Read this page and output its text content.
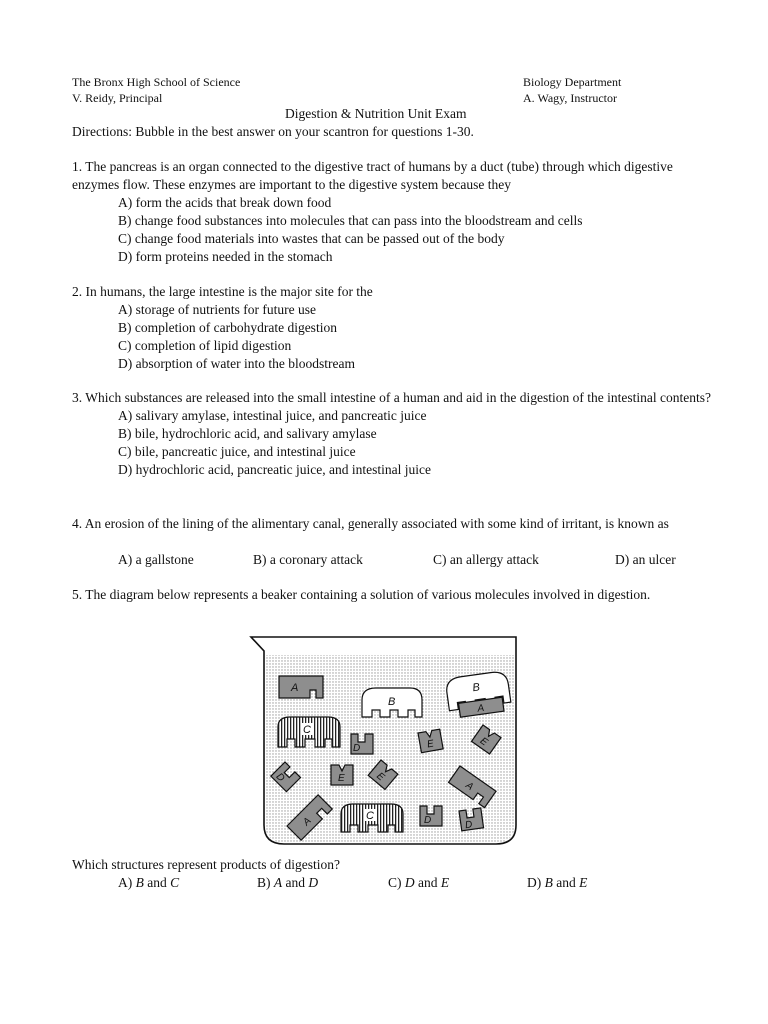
The Bronx High School of Science
V. Reidy, Principal
Biology Department
A. Wagy, Instructor
Digestion & Nutrition Unit Exam
Directions: Bubble in the best answer on your scantron for questions 1-30.
1. The pancreas is an organ connected to the digestive tract of humans by a duct (tube) through which digestive enzymes flow. These enzymes are important to the digestive system because they
A) form the acids that break down food
B) change food substances into molecules that can pass into the bloodstream and cells
C) change food materials into wastes that can be passed out of the body
D) form proteins needed in the stomach
2. In humans, the large intestine is the major site for the
A) storage of nutrients for future use
B) completion of carbohydrate digestion
C) completion of lipid digestion
D) absorption of water into the bloodstream
3. Which substances are released into the small intestine of a human and aid in the digestion of the intestinal contents?
A) salivary amylase, intestinal juice, and pancreatic juice
B) bile, hydrochloric acid, and salivary amylase
C) bile, pancreatic juice, and intestinal juice
D) hydrochloric acid, pancreatic juice, and intestinal juice
4. An erosion of the lining of the alimentary canal, generally associated with some kind of irritant, is known as
A) a gallstone	B) a coronary attack	C) an allergy attack	D) an ulcer
5. The diagram below represents a beaker containing a solution of various molecules involved in digestion.
A
B
B
A
C
D	E	E
D	E	E
A
A	C	D	D
Which structures represent products of digestion?
A) B and C	B) A and D	C) D and E	D) B and E
